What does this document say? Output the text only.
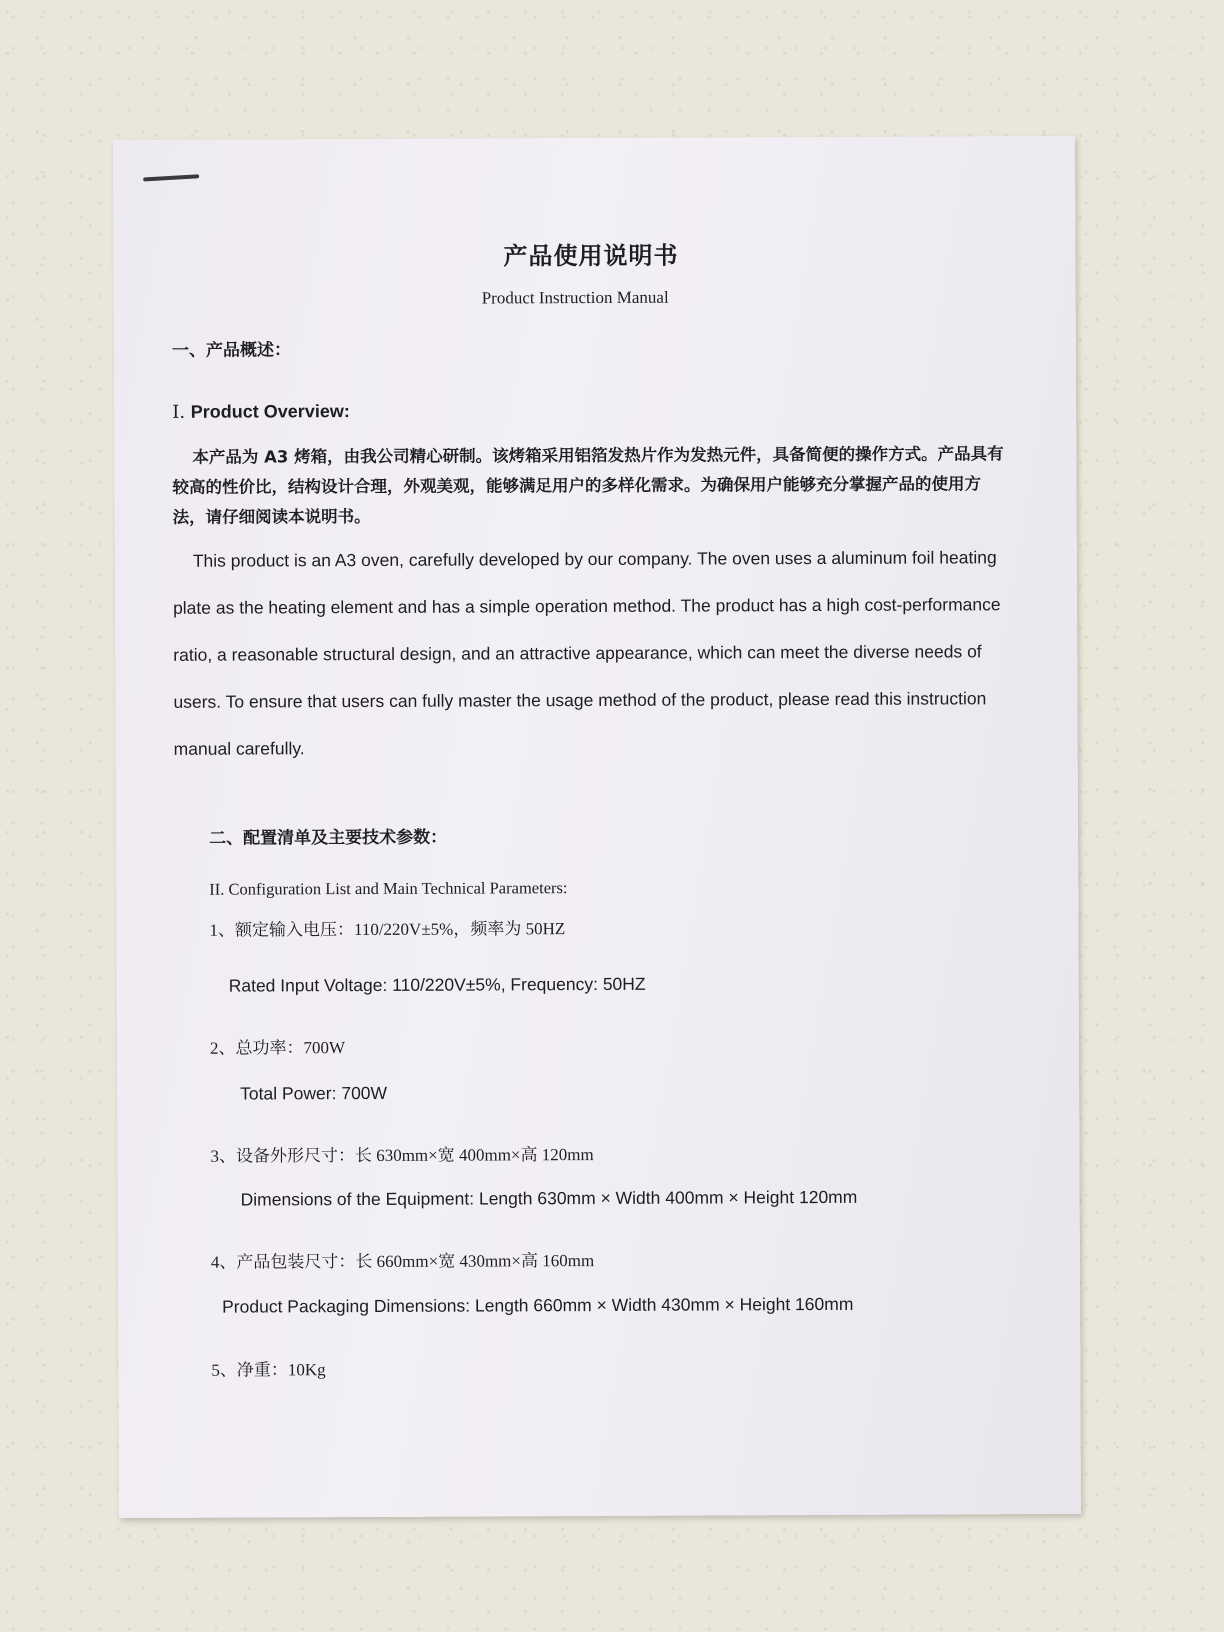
产品使用说明书
Product Instruction Manual
一、产品概述：
I. Product Overview:
本产品为 A3 烤箱，由我公司精心研制。该烤箱采用铝箔发热片作为发热元件，具备简便的操作方式。产品具有较高的性价比，结构设计合理，外观美观，能够满足用户的多样化需求。为确保用户能够充分掌握产品的使用方法，请仔细阅读本说明书。
This product is an A3 oven, carefully developed by our company. The oven uses a aluminum foil heating plate as the heating element and has a simple operation method. The product has a high cost-performance ratio, a reasonable structural design, and an attractive appearance, which can meet the diverse needs of users. To ensure that users can fully master the usage method of the product, please read this instruction manual carefully.
二、配置清单及主要技术参数：
II. Configuration List and Main Technical Parameters:
1、额定输入电压：110/220V±5%，频率为 50HZ
Rated Input Voltage: 110/220V±5%, Frequency: 50HZ
2、总功率：700W
Total Power: 700W
3、设备外形尺寸：长 630mm×宽 400mm×高 120mm
Dimensions of the Equipment: Length 630mm × Width 400mm × Height 120mm
4、产品包装尺寸：长 660mm×宽 430mm×高 160mm
Product Packaging Dimensions: Length 660mm × Width 430mm × Height 160mm
5、净重：10Kg
